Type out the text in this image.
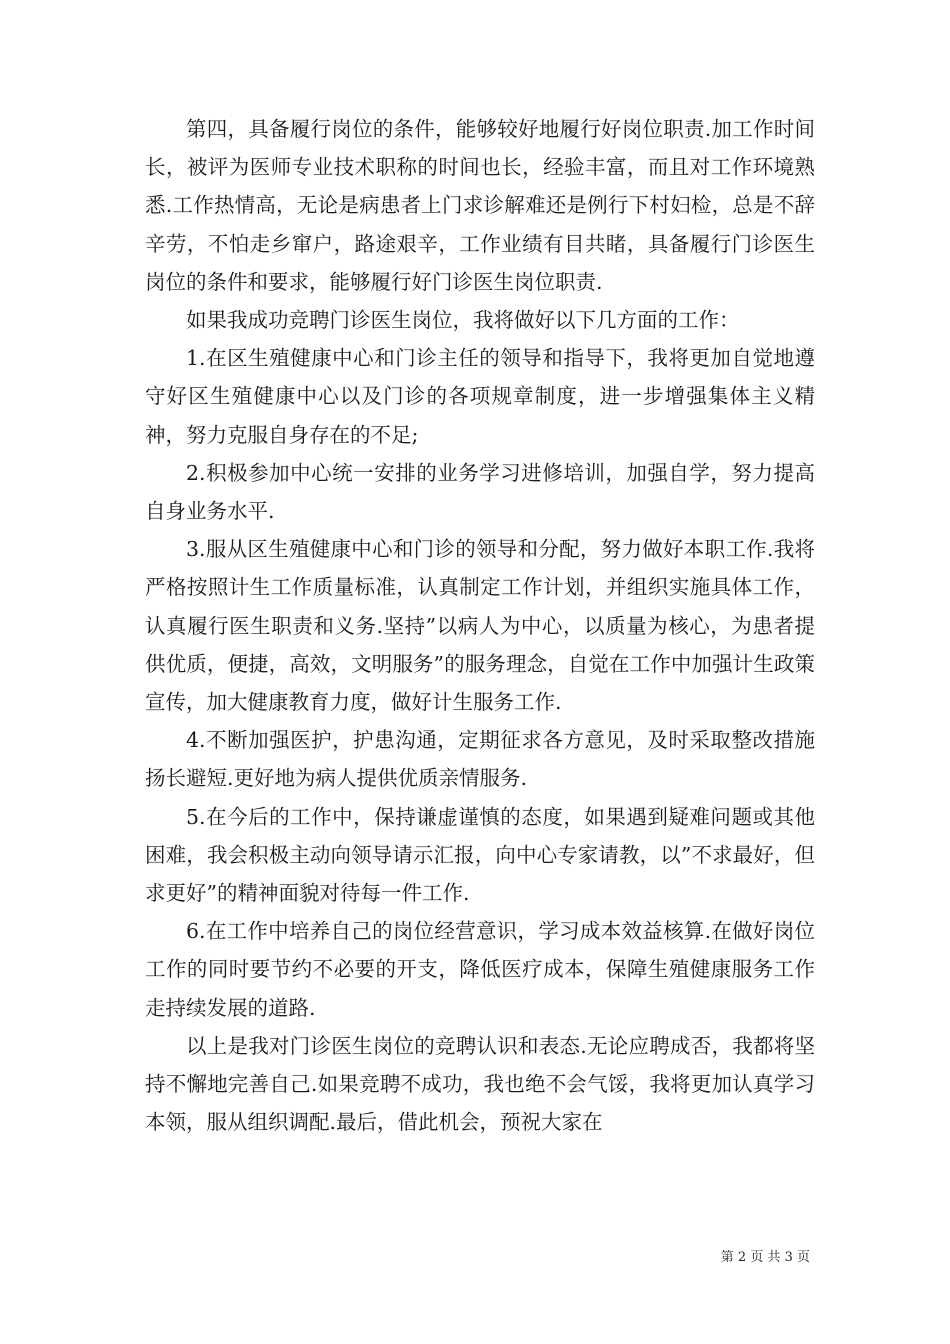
第四，具备履行岗位的条件，能够较好地履行好岗位职责.加工作时间长，被评为医师专业技术职称的时间也长，经验丰富，而且对工作环境熟悉.工作热情高，无论是病患者上门求诊解难还是例行下村妇检，总是不辞辛劳，不怕走乡窜户，路途艰辛，工作业绩有目共睹，具备履行门诊医生岗位的条件和要求，能够履行好门诊医生岗位职责.

如果我成功竞聘门诊医生岗位，我将做好以下几方面的工作：

1.在区生殖健康中心和门诊主任的领导和指导下，我将更加自觉地遵守好区生殖健康中心以及门诊的各项规章制度，进一步增强集体主义精神，努力克服自身存在的不足;

2.积极参加中心统一安排的业务学习进修培训，加强自学，努力提高自身业务水平.

3.服从区生殖健康中心和门诊的领导和分配，努力做好本职工作.我将严格按照计生工作质量标准，认真制定工作计划，并组织实施具体工作，认真履行医生职责和义务.坚持”以病人为中心，以质量为核心，为患者提供优质，便捷，高效，文明服务”的服务理念，自觉在工作中加强计生政策宣传，加大健康教育力度，做好计生服务工作.

4.不断加强医护，护患沟通，定期征求各方意见，及时采取整改措施扬长避短.更好地为病人提供优质亲情服务.

5.在今后的工作中，保持谦虚谨慎的态度，如果遇到疑难问题或其他困难，我会积极主动向领导请示汇报，向中心专家请教，以”不求最好，但求更好”的精神面貌对待每一件工作.

6.在工作中培养自己的岗位经营意识，学习成本效益核算.在做好岗位工作的同时要节约不必要的开支，降低医疗成本，保障生殖健康服务工作走持续发展的道路.

以上是我对门诊医生岗位的竞聘认识和表态.无论应聘成否，我都将坚持不懈地完善自己.如果竞聘不成功，我也绝不会气馁，我将更加认真学习本领，服从组织调配.最后，借此机会，预祝大家在

第 2 页 共 3 页
